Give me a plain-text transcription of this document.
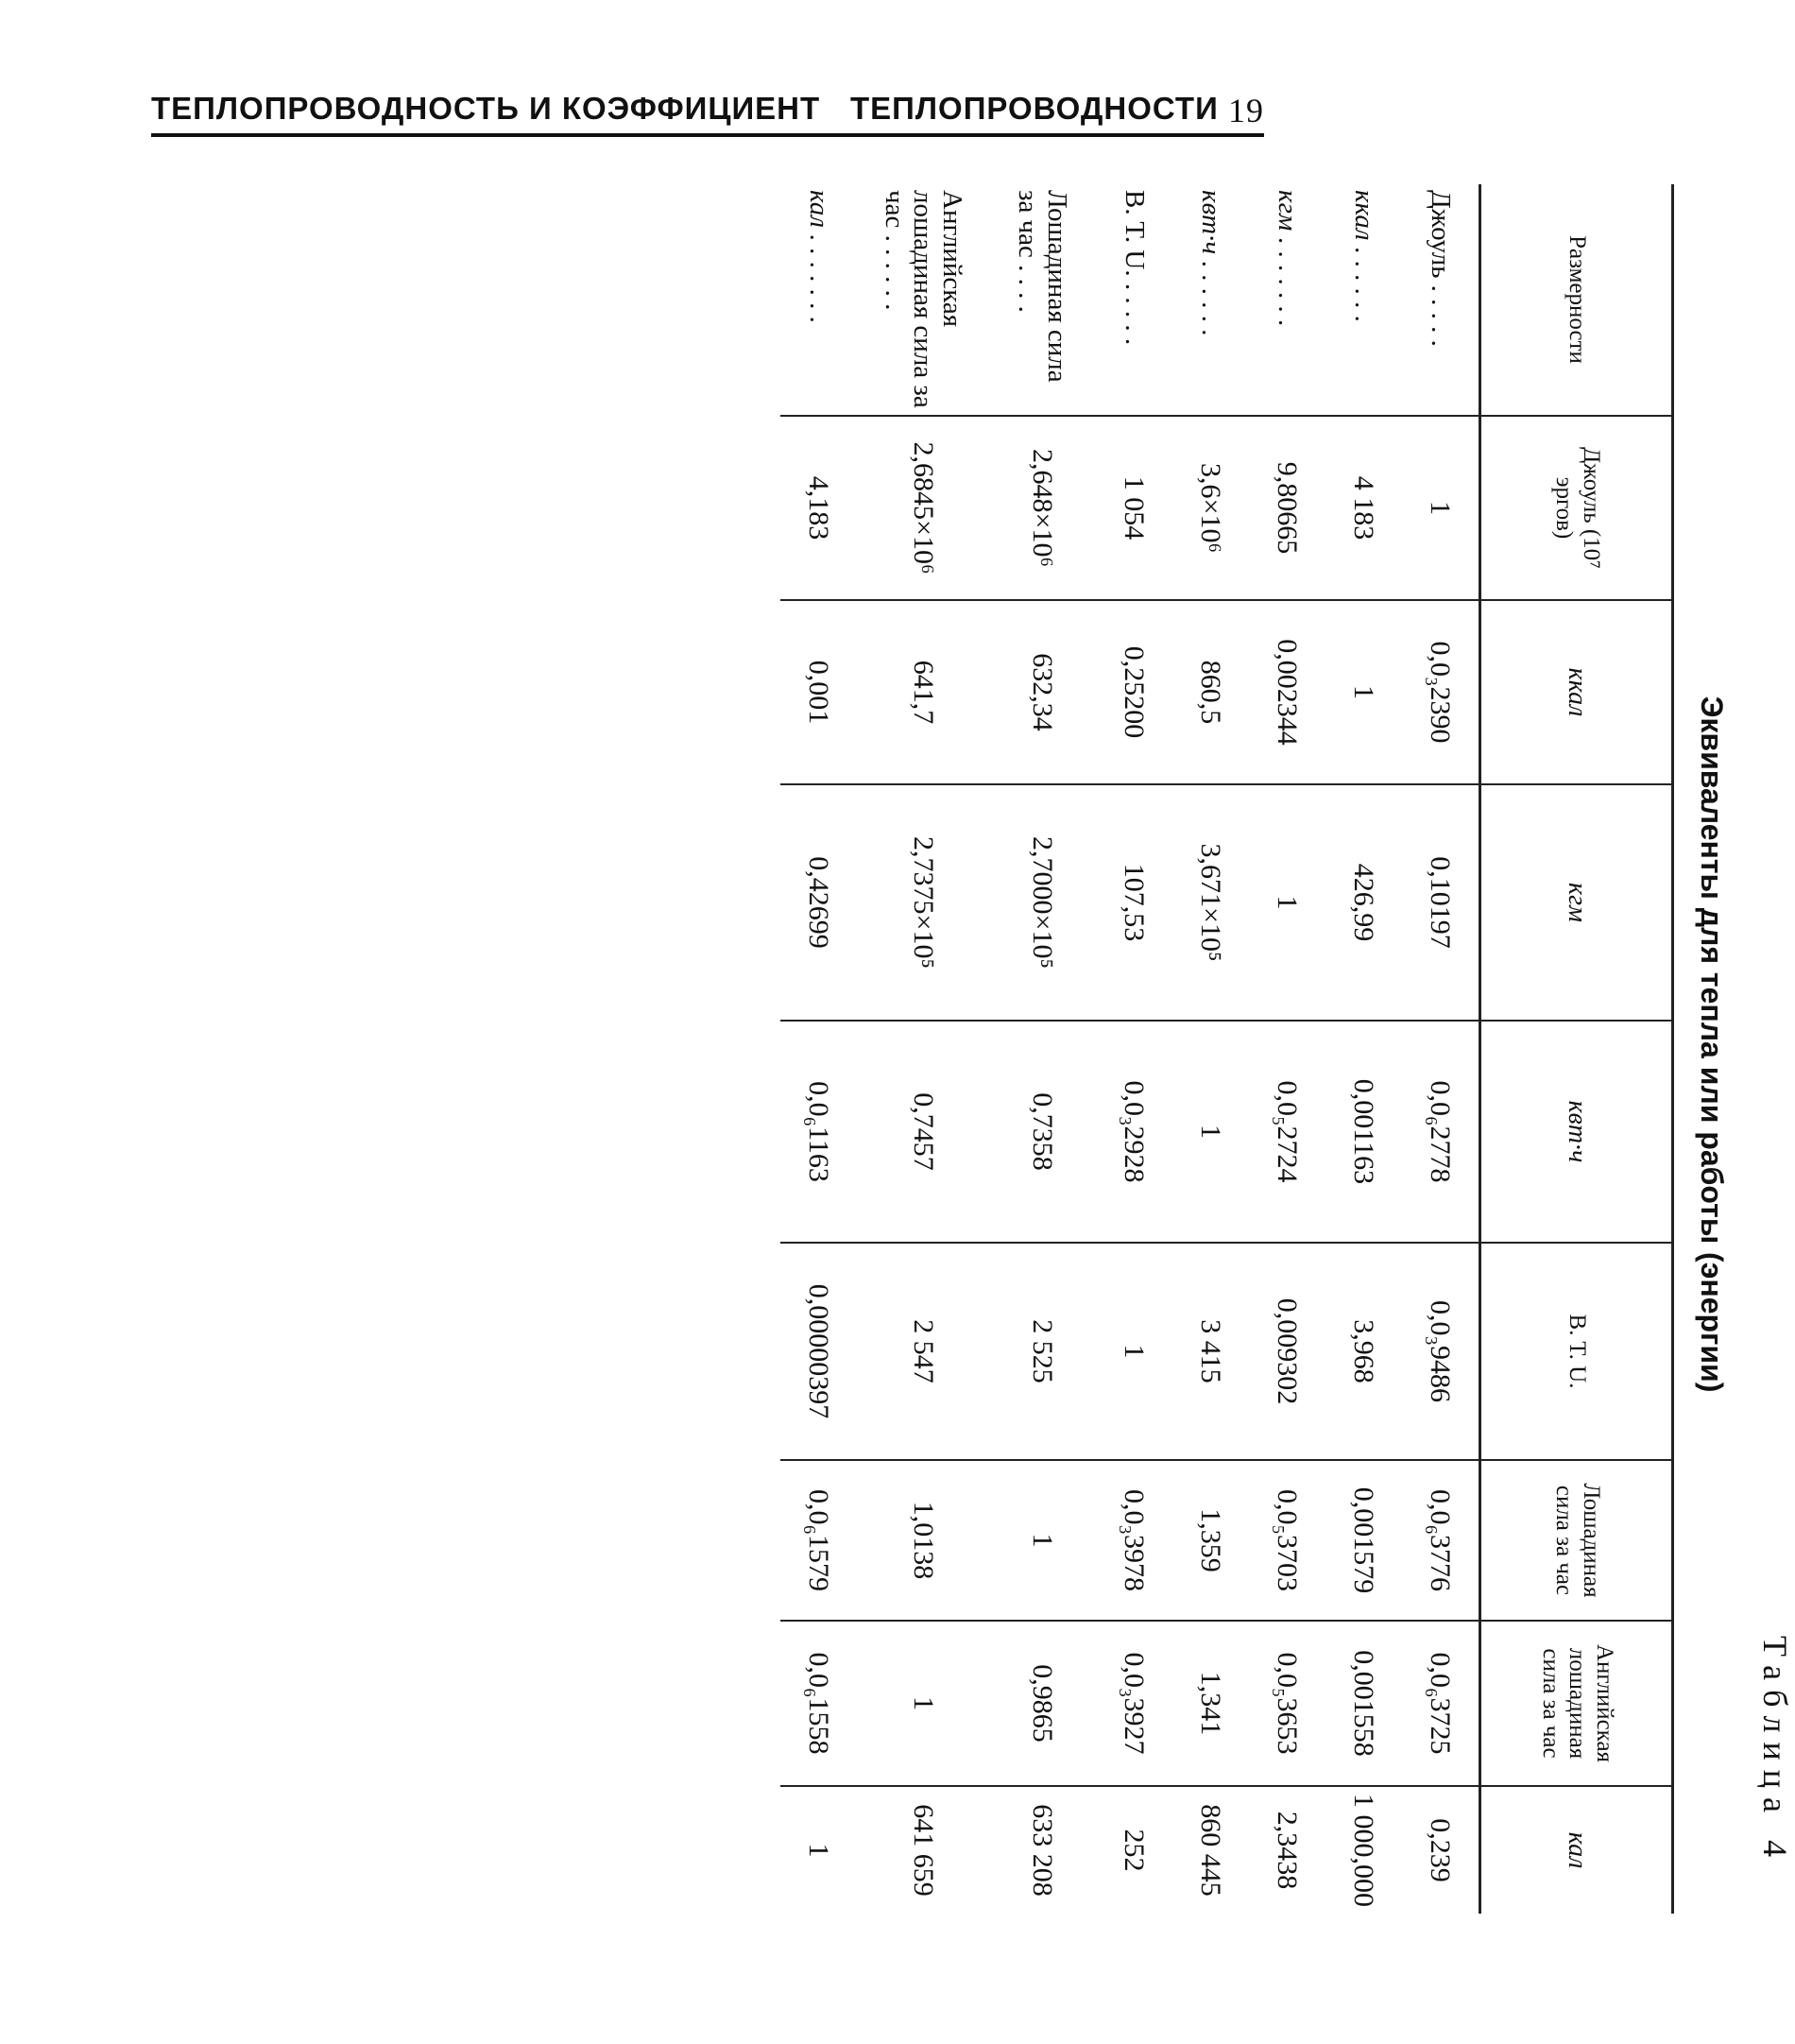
ТЕПЛОПРОВОДНОСТЬ И КОЭФФИЦИЕНТ ТЕПЛОПРОВОДНОСТИ 19
Таблица 4
Эквиваленты для тепла или работы (энергии)
Размерности	Джоуль (10⁷ эргов)	ккал	кгм	квт·ч	B. T. U.	Лошадиная сила за час	Английская лошадиная сила за час	кал
Джоуль . . . . .	1	0,0₃2390	0,10197	0,0₆2778	0,0₃9486	0,0₆3776	0,0₆3725	0,239
ккал . . . . . .	4 183	1	426,99	0,001163	3,968	0,001579	0,001558	1 000,000
кгм . . . . . . .	9,80665	0,002344	1	0,0₅2724	0,009302	0,0₅3703	0,0₅3653	2,3438
квт·ч . . . . . .	3,6×10⁶	860,5	3,671×10⁵	1	3 415	1,359	1,341	860 445
B. T. U. . . . . .	1 054	0,25200	107,53	0,0₃2928	1	0,0₃3978	0,0₃3927	252
Лошадиная сила за час . . . .	2,648×10⁶	632,34	2,7000×10⁵	0,7358	2 525	1	0,9865	633 208
Английская лошадиная сила за час . . . . . .	2,6845×10⁶	641,7	2,7375×10⁵	0,7457	2 547	1,0138	1	641 659
кал . . . . . . .	4,183	0,001	0,42699	0,0₆1163	0,00000397	0,0₆1579	0,0₆1558	1
